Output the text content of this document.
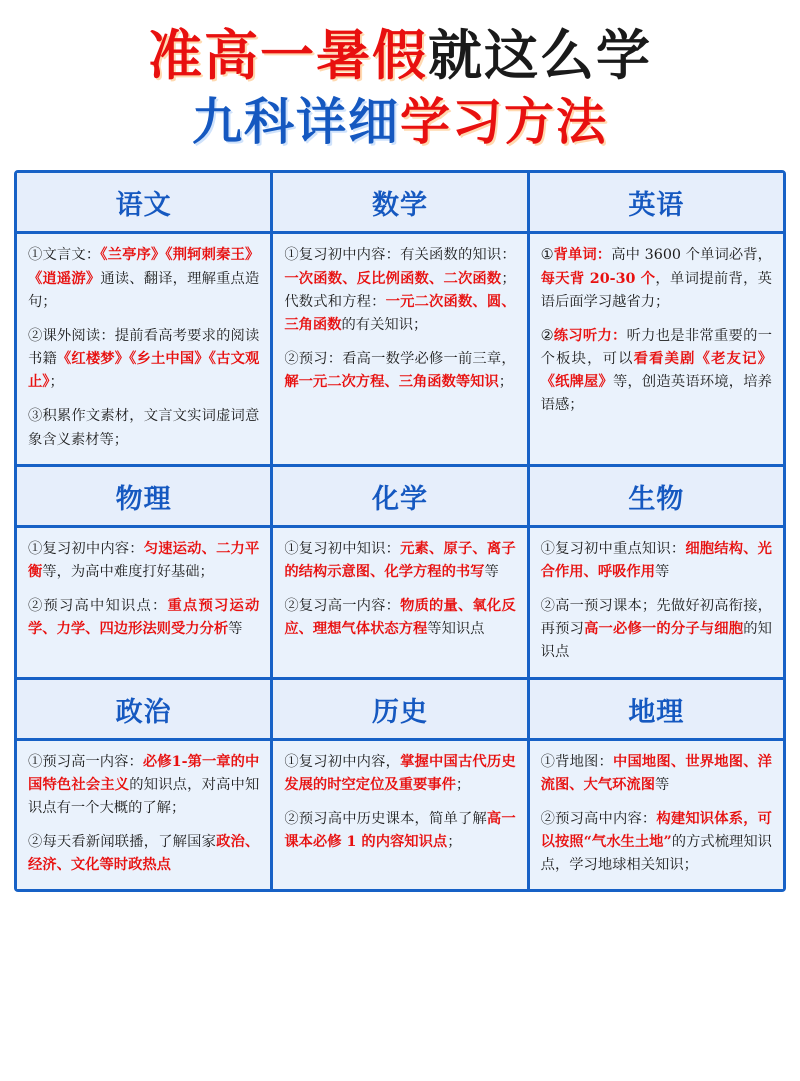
准高一暑假就这么学
九科详细学习方法
语文

①文言文：《兰亭序》《荆轲刺秦王》《逍遥游》通读、翻译，理解重点造句；

②课外阅读：提前看高考要求的阅读书籍《红楼梦》《乡土中国》《古文观止》；

③积累作文素材，文言文实词虚词意象含义素材等；

数学

①复习初中内容：有关函数的知识：一次函数、反比例函数、二次函数；代数式和方程：一元二次函数、圆、三角函数的有关知识；

②预习：看高一数学必修一前三章，解一元二次方程、三角函数等知识；

英语

①背单词：高中 3600 个单词必背，每天背 20-30 个，单词提前背，英语后面学习越省力；

②练习听力：听力也是非常重要的一个板块，可以看看美剧《老友记》《纸牌屋》等，创造英语环境，培养语感；

物理

①复习初中内容：匀速运动、二力平衡等，为高中难度打好基础；

②预习高中知识点：重点预习运动学、力学、四边形法则受力分析等

化学

①复习初中知识：元素、原子、离子的结构示意图、化学方程的书写等

②复习高一内容：物质的量、氧化反应、理想气体状态方程等知识点

生物

①复习初中重点知识：细胞结构、光合作用、呼吸作用等

②高一预习课本；先做好初高衔接，再预习高一必修一的分子与细胞的知识点

政治

①预习高一内容：必修1-第一章的中国特色社会主义的知识点，对高中知识点有一个大概的了解；

②每天看新闻联播，了解国家政治、经济、文化等时政热点

历史

①复习初中内容，掌握中国古代历史发展的时空定位及重要事件；

②预习高中历史课本，简单了解高一课本必修 1 的内容知识点；

地理

①背地图：中国地图、世界地图、洋流图、大气环流图等

②预习高中内容：构建知识体系，可以按照“气水生土地”的方式梳理知识点，学习地球相关知识；
